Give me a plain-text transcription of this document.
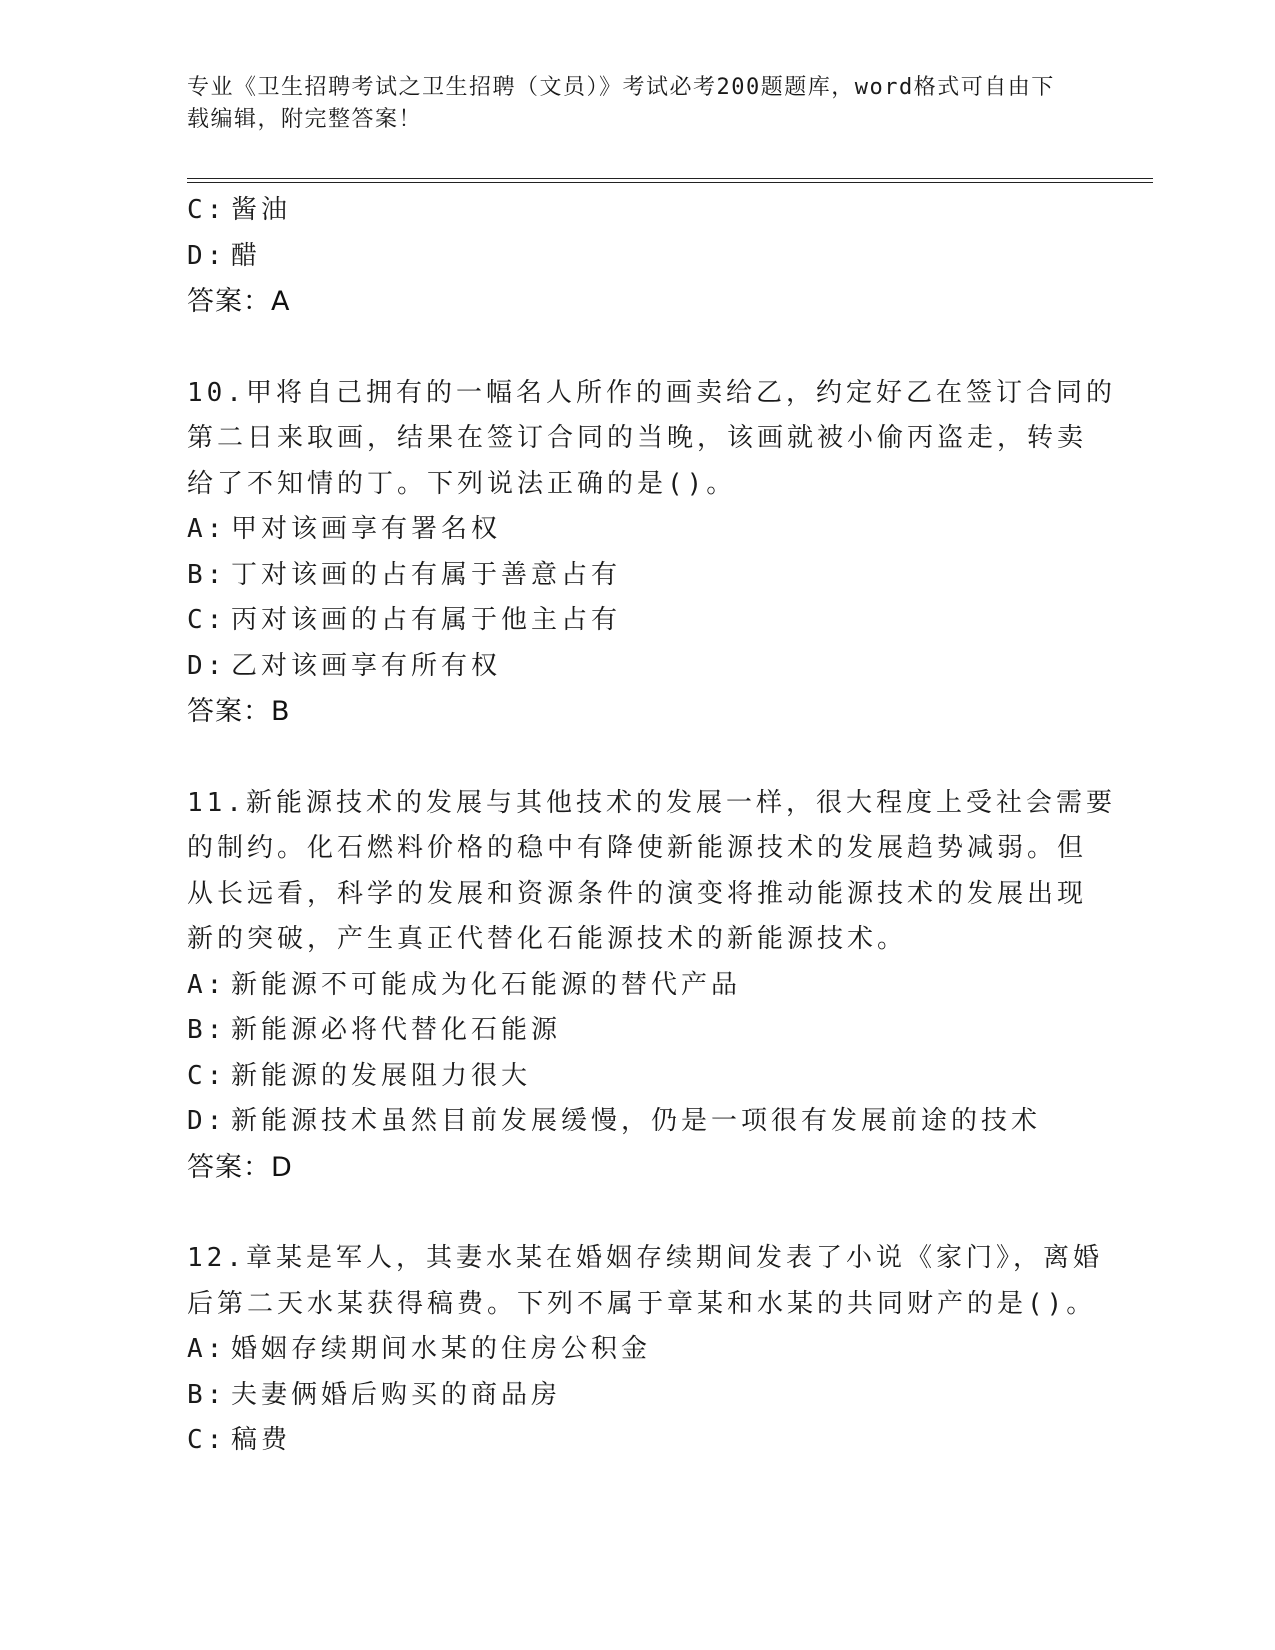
专业《卫生招聘考试之卫生招聘（文员）》考试必考200题题库，word格式可自由下载编辑，附完整答案！
C: 酱油
D: 醋
答案：A
10.甲将自己拥有的一幅名人所作的画卖给乙，约定好乙在签订合同的
第二日来取画，结果在签订合同的当晚，该画就被小偷丙盗走，转卖
给了不知情的丁。下列说法正确的是()。
A: 甲对该画享有署名权
B: 丁对该画的占有属于善意占有
C: 丙对该画的占有属于他主占有
D: 乙对该画享有所有权
答案：B
11.新能源技术的发展与其他技术的发展一样，很大程度上受社会需要
的制约。化石燃料价格的稳中有降使新能源技术的发展趋势减弱。但
从长远看，科学的发展和资源条件的演变将推动能源技术的发展出现
新的突破，产生真正代替化石能源技术的新能源技术。
A: 新能源不可能成为化石能源的替代产品
B: 新能源必将代替化石能源
C: 新能源的发展阻力很大
D: 新能源技术虽然目前发展缓慢，仍是一项很有发展前途的技术
答案：D
12.章某是军人，其妻水某在婚姻存续期间发表了小说《家门》，离婚
后第二天水某获得稿费。下列不属于章某和水某的共同财产的是()。
A: 婚姻存续期间水某的住房公积金
B: 夫妻俩婚后购买的商品房
C: 稿费
